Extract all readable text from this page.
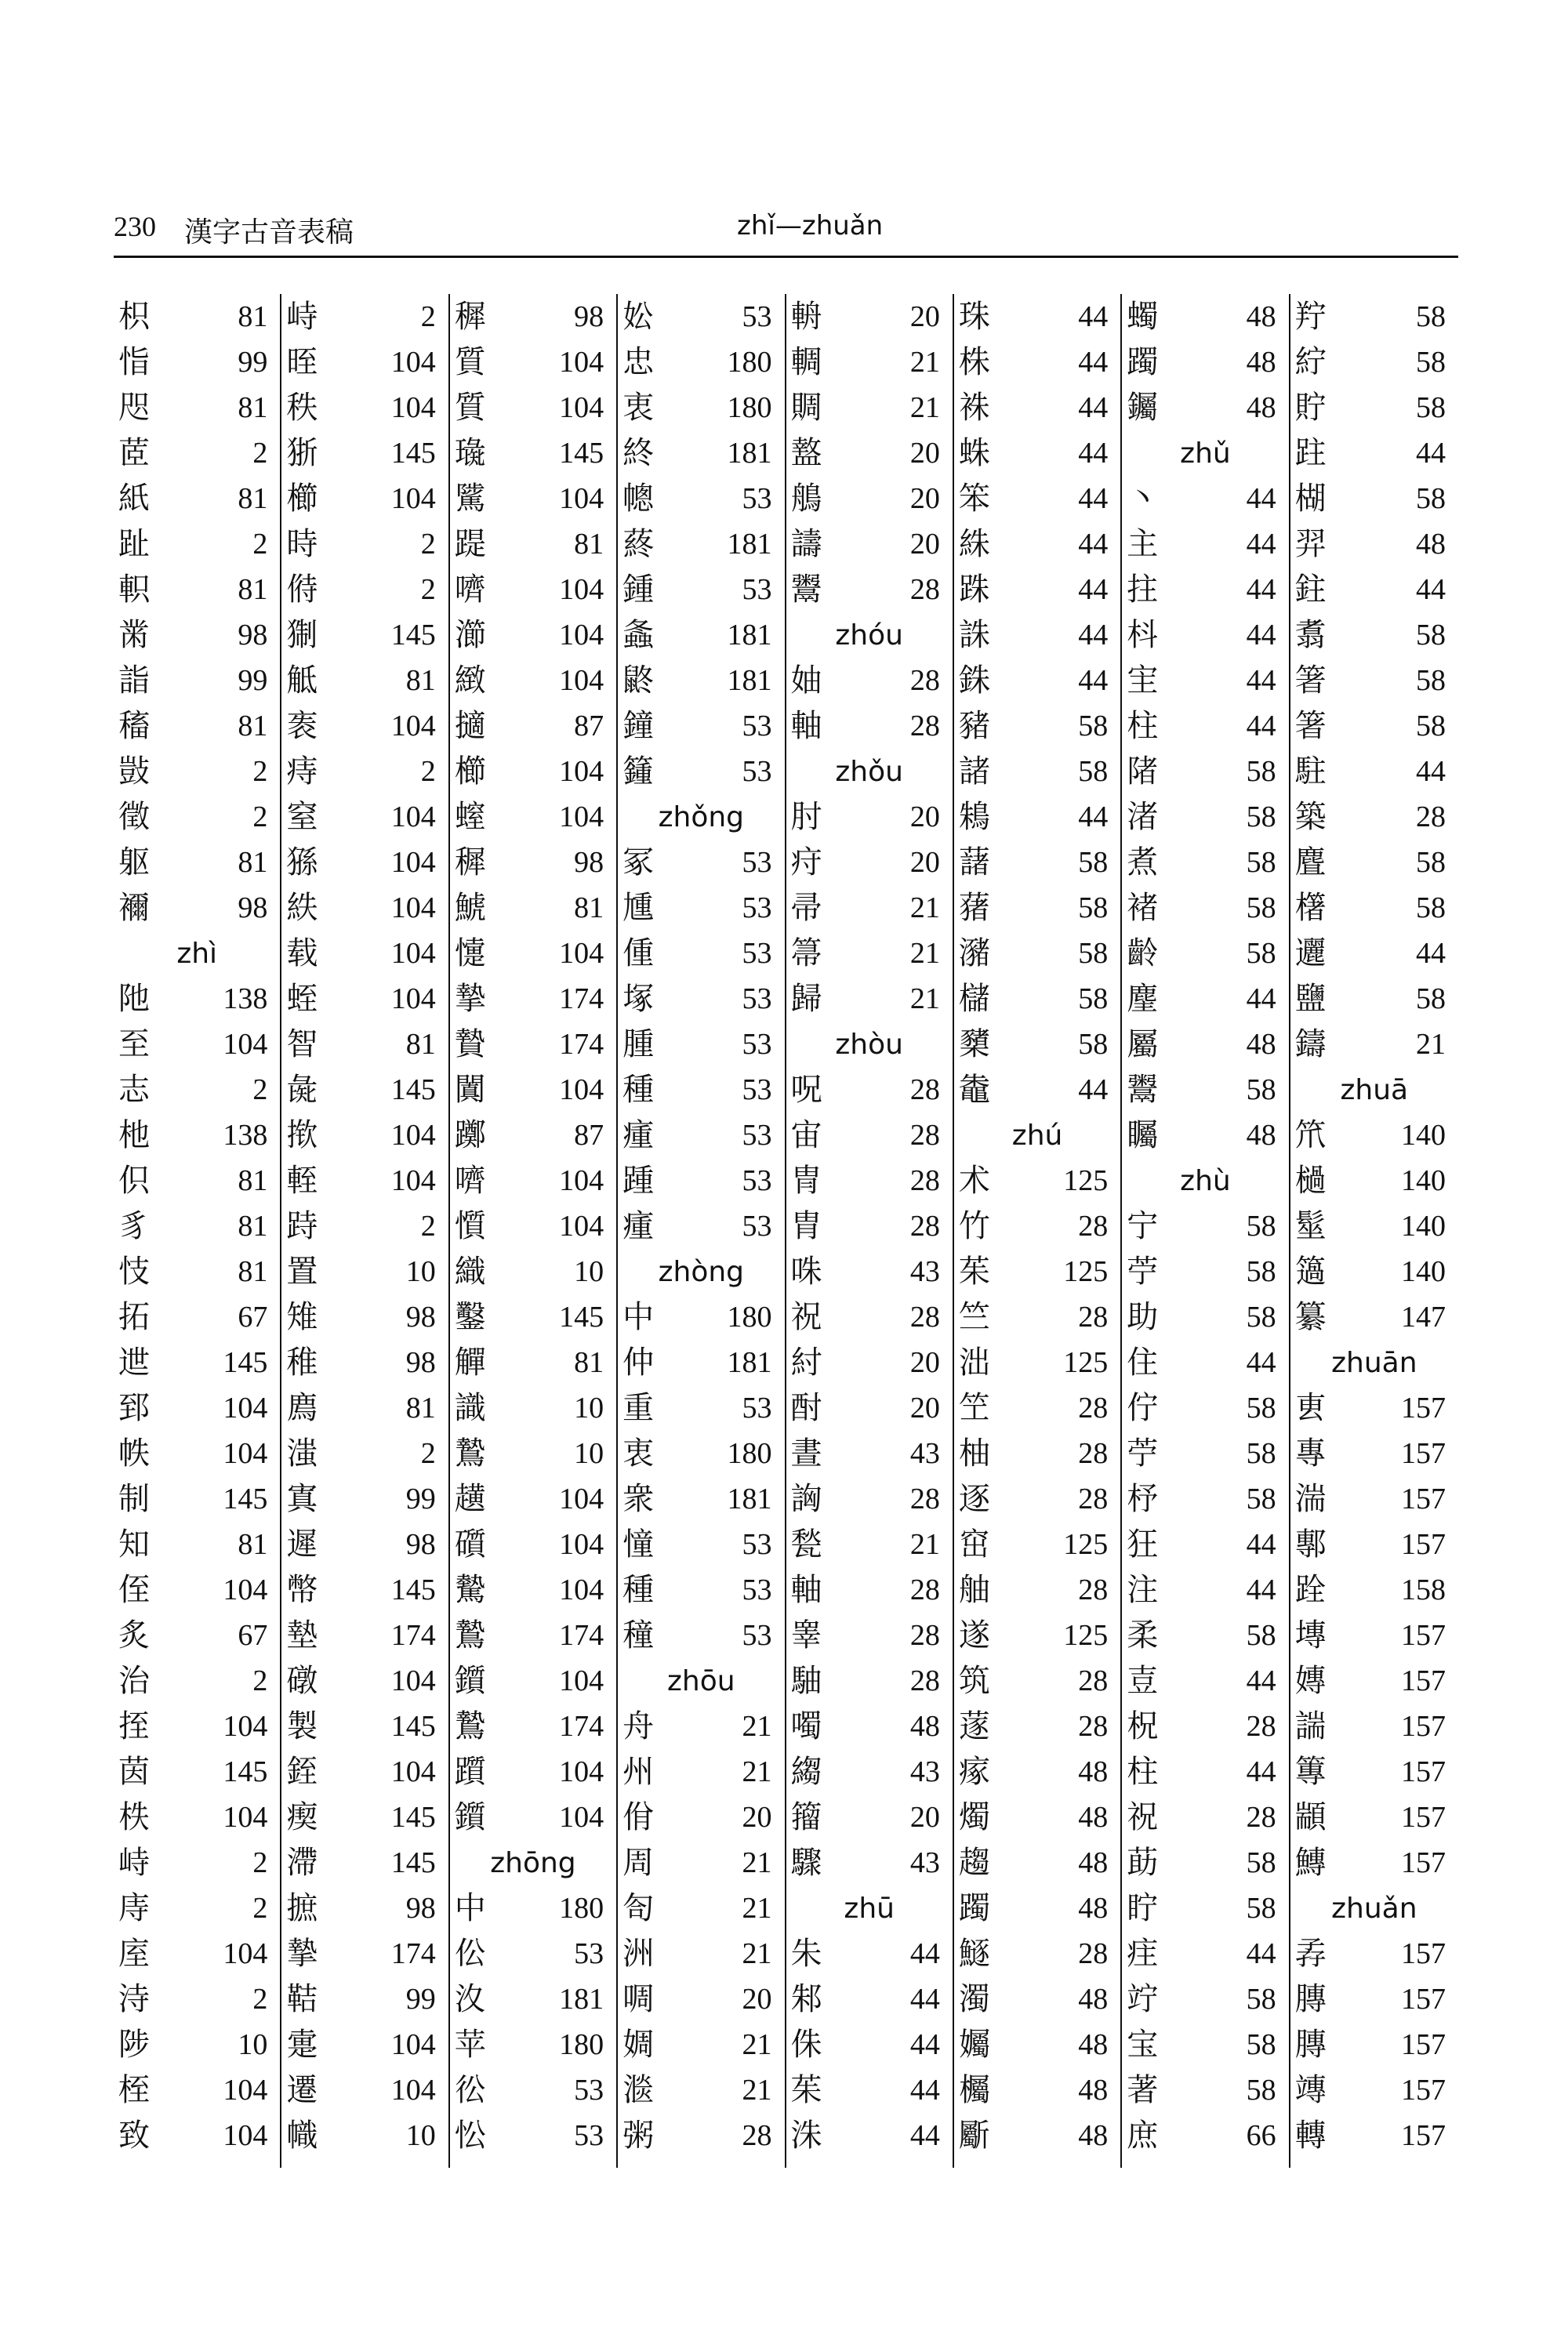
230 漢字古音表稿	zhǐ—zhuǎn
枳	81
恉	99
咫	81
茝	2
紙	81
趾	2
軹	81
黹	98
詣	99
稸	81
敱	2
徵	2
躯	81
襧	98
zhì
阤 138
至 104
志	2
杝 138
伿	81
豸	81
忮	81
拓	67
迣 145
郅 104
帙 104
制 145
知	81
侄 104
炙	67
治	2
挃 104
茵 145
柣 104
峙	2
庤	2
庢 104
洔	2
陟	10
桎 104
致 104
峙	2
晊 104
秩 104
狾 145
櫛 104
時	2
偫	2
猘 145
觝	81
袠 104
痔	2
窒 104
猻 104
紩 104
载 104
蛭 104
智	81
彘 145
揿 104
輊 104
跱	2
置	10
雉	98
稚	98
廌	81
滍	2
寘	99
遲	98
幣 145
墊 174
礅 104
製 145
銍 104
瘈 145
滯 145
摭	98
摯 174
鞊	99
疐 104
遷 104
幟	10
穉	98
質 104
質 104
璏 145
騭 104
踶	81
嚌 104
瀄 104
緻 104
擿	87
櫛 104
螲 104
穉	98
鯱	81
懥 104
摯 174
贄 174
闐 104
躑	87
嚌 104
懫 104
織	10
鑿 145
觶	81
識	10
鷙	10
趪 104
礩 104
驇 104
鷙 174
鑕 104
鷙 174
躓 104
鑕 104
zhōng
中 180
伀	53
汷 181
苹 180
彸	53
忪	53
妐	53
忠 180
衷 180
終 181
幒	53
蔠 181
鍾	53
螽 181
鼨 181
鐘	53
籦	53
zhǒng
冢	53
尰	53
偅	53
塚	53
腫	53
種	53
瘇	53
踵	53
瘇	53
zhòng
中 180
仲 181
重	53
衷 180
衆 181
憧	53
種	53
穜	53
zhōu
舟	21
州	21
佾	20
周	21
匌	21
洲	21
啁	20
婤	21
㴴	21
粥	28
輈	20
輖	21
賙	21
盩	20
鵃	20
譸	20
鬻	28
zhóu
妯	28
軸	28
zhǒu
肘	20
疛	20
帚	21
箒	21
歸	21
zhòu
呪	28
宙	28
冑	28
胄	28
咮	43
祝	28
紂	20
酎	20
晝	43
詾	28
甃	21
軸	28
睾	28
駎	28
噣	48
縐	43
籀	20
驟	43
zhū
朱	44
邾	44
侏	44
茱	44
洙	44
珠	44
株	44
袾	44
蛛	44
笨	44
絑	44
跦	44
誅	44
銖	44
豬	58
諸	58
鴸	44
藷	58
蕏	58
瀦	58
櫧	58
櫫	58
鼄	44
zhú
术 125
竹	28
茱 125
竺	28
泏 125
笁	28
柚	28
逐	28
窋 125
舳	28
遂 125
筑	28
蓫	28
瘃	48
燭	48
趨	48
躅	48
鱁	28
濁	48
孎	48
欘	48
斸	48
蠋	48
躅	48
钃	48
zhǔ
丶	44
主	44
拄	44
枓	44
宔	44
柱	44
陼	58
渚	58
煮	58
褚	58
齡	58
麈	44
屬	48
鬻	58
矚	48
zhù
宁	58
苧	58
助	58
住	44
佇	58
苧	58
杼	58
狂	44
注	44
柔	58
壴	44
柷	28
柱	44
祝	28
莇	58
眝	58
疰	44
竚	58
宝	58
著	58
庶	66
羜	58
紵	58
貯	58
跓	44
楜	58
羿	48
鉒	44
翥	58
箸	58
箸	58
駐	44
築	28
麆	58
櫡	58
邐	44
鹽	58
鑄	21
zhuā
笊	140
檛	140
髽	140
簻	140
纂	147
zhuān
叀	157
專	157
湍	157
鄟	157
跧	158
塼	157
嫥	157
諯	157
篿	157
顓	157
鱄	157
zhuǎn
孨	157
膞	157
膞	157
竱	157
轉	157
